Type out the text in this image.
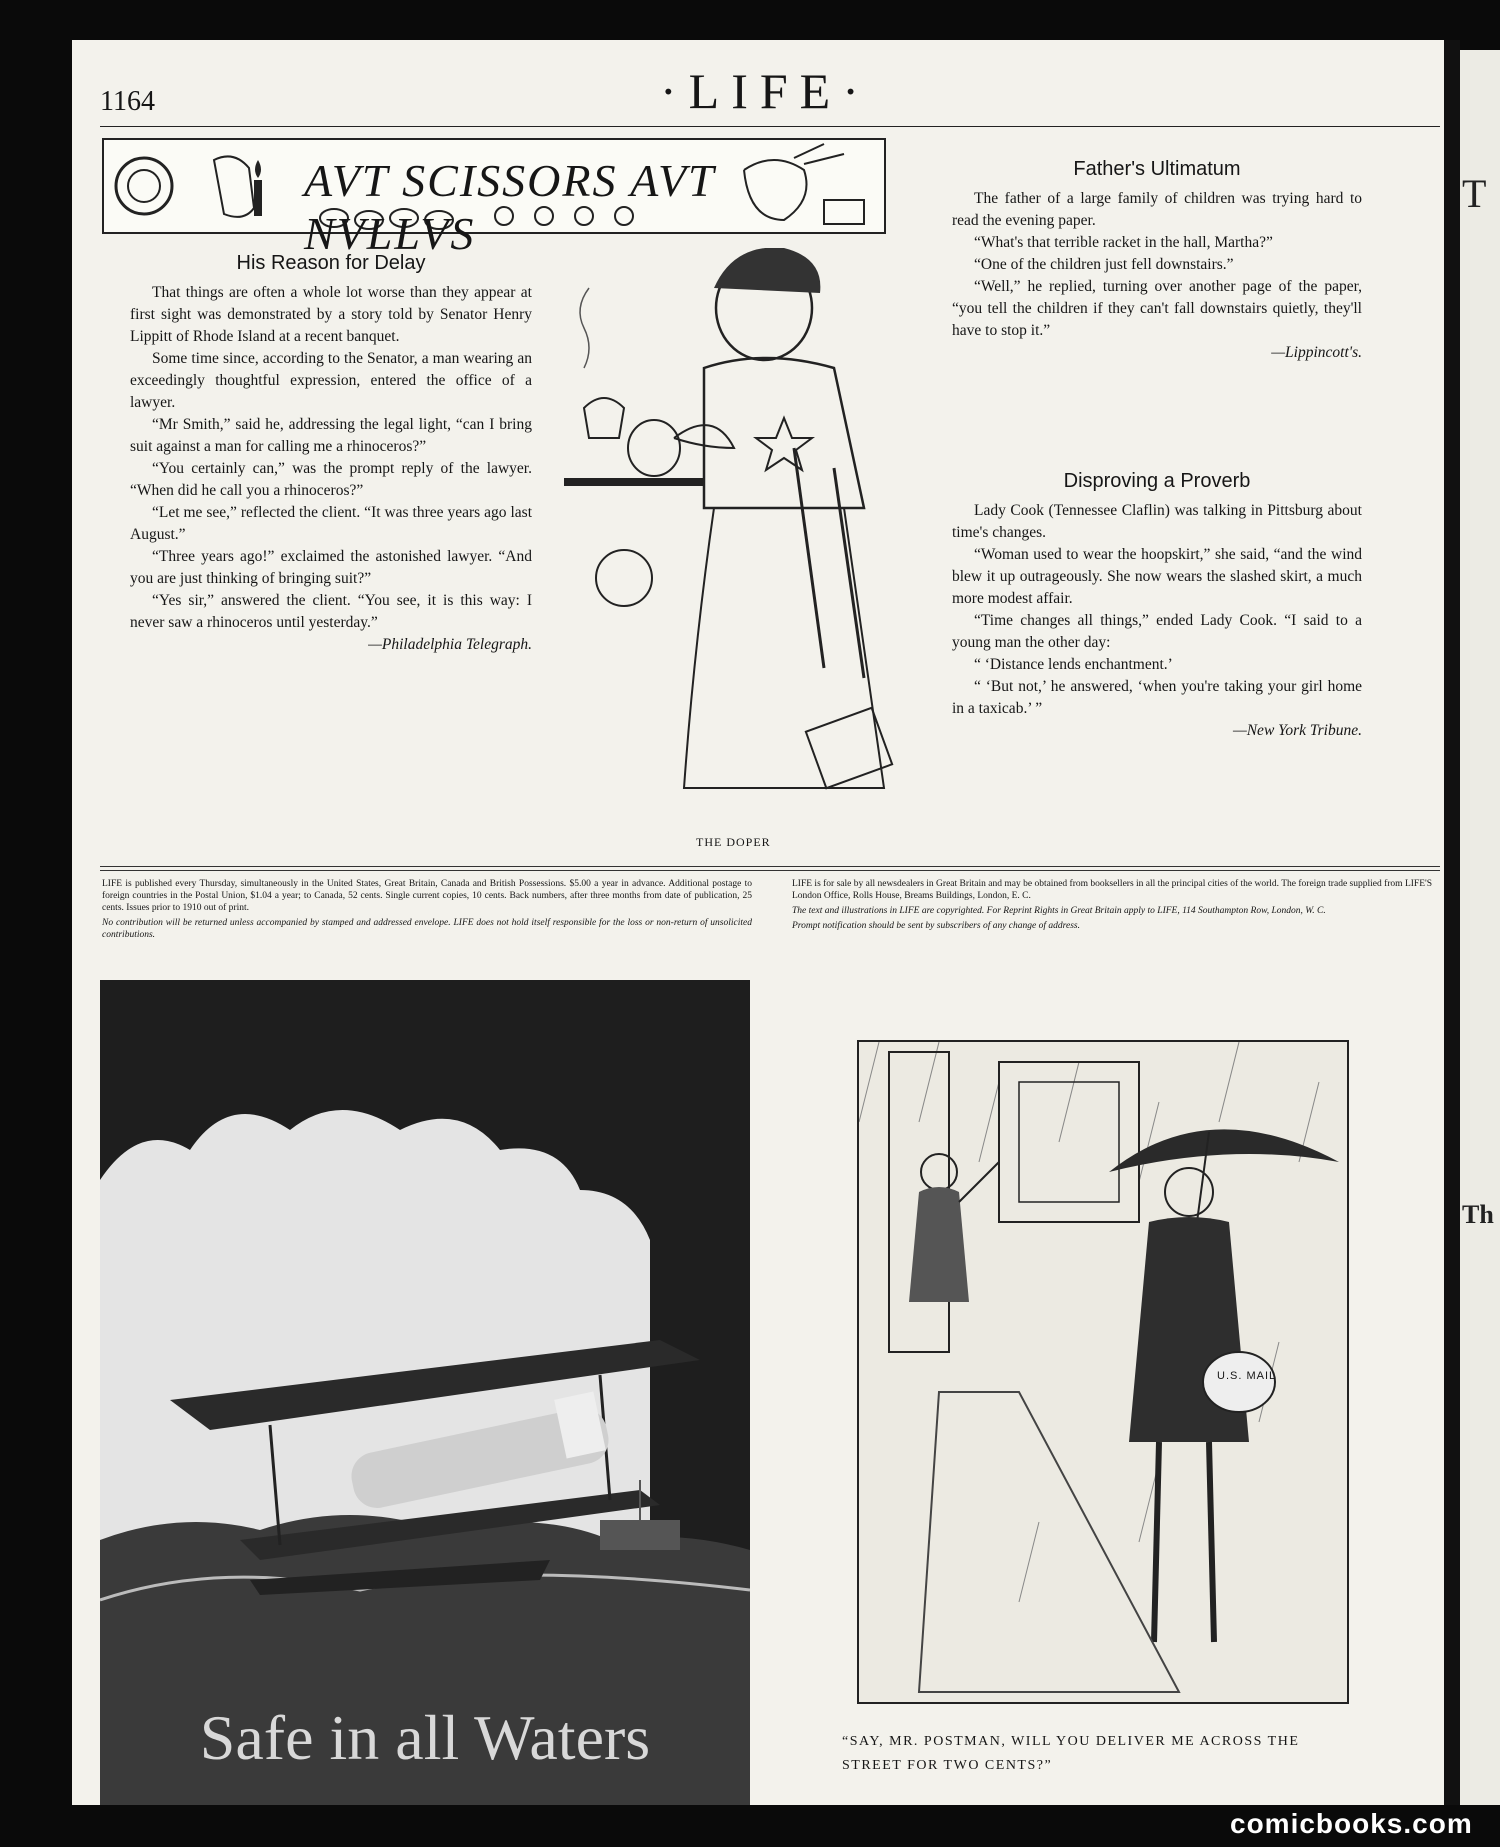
1164	·LIFE·
AVT SCISSORS AVT NVLLVS
His Reason for Delay

That things are often a whole lot worse than they appear at first sight was demonstrated by a story told by Senator Henry Lippitt of Rhode Island at a recent banquet.

Some time since, according to the Senator, a man wearing an exceedingly thoughtful expression, entered the office of a lawyer.

“Mr Smith,” said he, addressing the legal light, “can I bring suit against a man for calling me a rhinoceros?”

“You certainly can,” was the prompt reply of the lawyer. “When did he call you a rhinoceros?”

“Let me see,” reflected the client. “It was three years ago last August.”

“Three years ago!” exclaimed the astonished lawyer. “And you are just thinking of bringing suit?”

“Yes sir,” answered the client. “You see, it is this way: I never saw a rhinoceros until yesterday.”

—Philadelphia Telegraph.

THE DOPER
Father's Ultimatum

The father of a large family of children was trying hard to read the evening paper.

“What's that terrible racket in the hall, Martha?”

“One of the children just fell downstairs.”

“Well,” he replied, turning over another page of the paper, “you tell the children if they can't fall downstairs quietly, they'll have to stop it.”

—Lippincott's.

Disproving a Proverb

Lady Cook (Tennessee Claflin) was talking in Pittsburg about time's changes.

“Woman used to wear the hoopskirt,” she said, “and the wind blew it up outrageously. She now wears the slashed skirt, a much more modest affair.

“Time changes all things,” ended Lady Cook. “I said to a young man the other day:

“ ‘Distance lends enchantment.’

“ ‘But not,’ he answered, ‘when you're taking your girl home in a taxicab.’ ”

—New York Tribune.

LIFE is published every Thursday, simultaneously in the United States, Great Britain, Canada and British Possessions. $5.00 a year in advance. Additional postage to foreign countries in the Postal Union, $1.04 a year; to Canada, 52 cents. Single current copies, 10 cents. Back numbers, after three months from date of publication, 25 cents. Issues prior to 1910 out of print.

No contribution will be returned unless accompanied by stamped and addressed envelope. LIFE does not hold itself responsible for the loss or non-return of unsolicited contributions.

LIFE is for sale by all newsdealers in Great Britain and may be obtained from booksellers in all the principal cities of the world. The foreign trade supplied from LIFE'S London Office, Rolls House, Breams Buildings, London, E. C.

The text and illustrations in LIFE are copyrighted. For Reprint Rights in Great Britain apply to LIFE, 114 Southampton Row, London, W. C.

Prompt notification should be sent by subscribers of any change of address.

Safe in all Waters
U.S. MAIL
“SAY, MR. POSTMAN, WILL YOU DELIVER ME ACROSS THE STREET FOR TWO CENTS?”
T
Th
comicbooks.com
